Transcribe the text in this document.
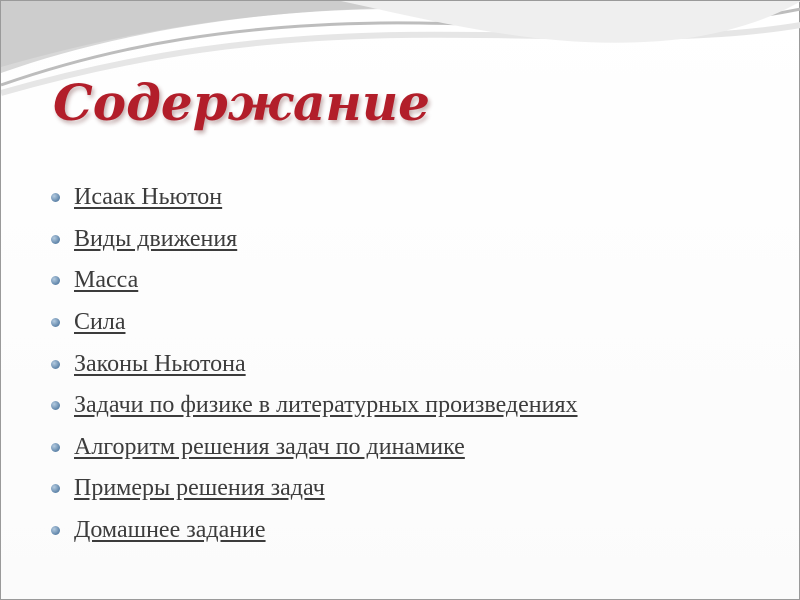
Содержание
Исаак Ньютон
Виды движения
Масса
Сила
Законы Ньютона
Задачи по физике в литературных произведениях
Алгоритм решения задач по динамике
Примеры решения задач
Домашнее задание
